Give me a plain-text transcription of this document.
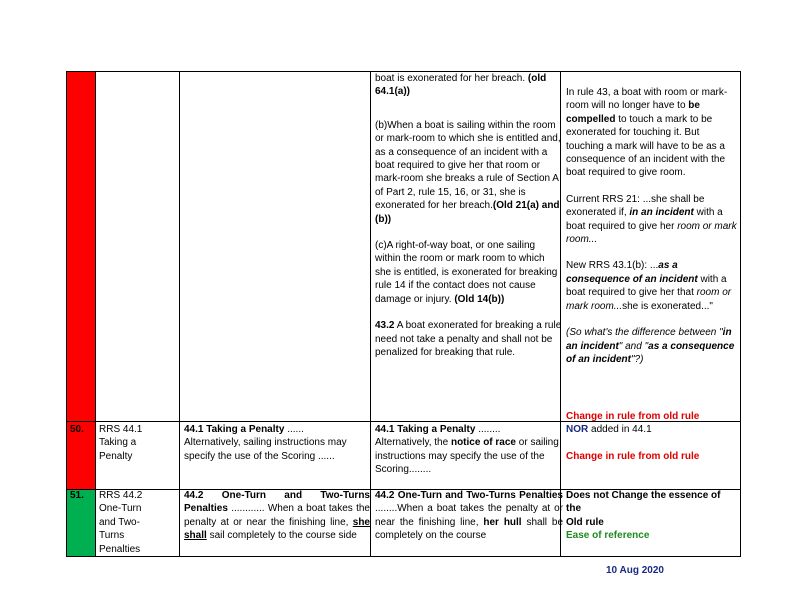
boat is exonerated for her breach. (old 64.1(a))
(b)When a boat is sailing within the room or mark-room to which she is entitled and, as a consequence of an incident with a boat required to give her that room or mark-room she breaks a rule of Section A of Part 2, rule 15, 16, or 31, she is exonerated for her breach.(Old 21(a) and (b))
(c)A right-of-way boat, or one sailing within the room or mark room to which she is entitled, is exonerated for breaking rule 14 if the contact does not cause damage or injury. (Old 14(b))
43.2 A boat exonerated for breaking a rule need not take a penalty and shall not be penalized for breaking that rule.
In rule 43, a boat with room or mark- room will no longer have to be compelled to touch a mark to be exonerated for touching it. But touching a mark will have to be as a consequence of an incident with the boat required to give room.
Current RRS 21: ...she shall be exonerated if, in an incident with a boat required to give her room or mark room...
New RRS 43.1(b): ...as a consequence of an incident with a boat required to give her that room or mark room...she is exonerated..."
(So what's the difference between "in an incident" and "as a consequence of an incident"?)
50.	RRS 44.1 Taking a Penalty
44.1 Taking a Penalty ......
Alternatively, sailing instructions may specify the use of the Scoring ......
44.1 Taking a Penalty ........
Alternatively, the notice of race or sailing instructions may specify the use of the Scoring........
Change in rule from old rule
NOR added in 44.1
Change in rule from old rule
51.	RRS 44.2 One-Turn and Two-Turns Penalties
44.2 One-Turn and Two-Turns Penalties ............ When a boat takes the penalty at or near the finishing line, she shall sail completely to the course side
44.2 One-Turn and Two-Turns Penalties ........When a boat takes the penalty at or near the finishing line, her hull shall be completely on the course
Does not Change the essence of the
Old rule
Ease of reference
10 Aug 2020
